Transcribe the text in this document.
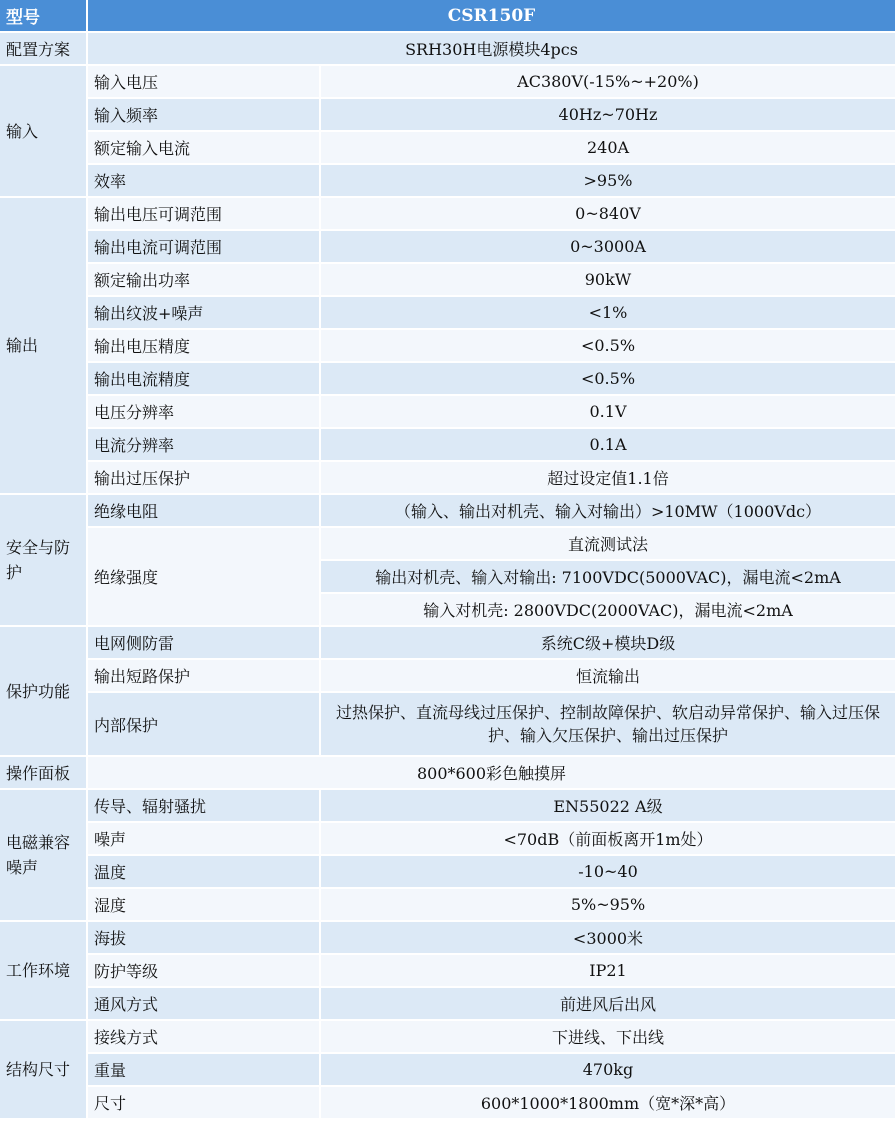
型号	CSR150F	
配置方案	SRH30H电源模块4pcs	
输入	输入电压	AC380V(-15%~+20%)
	输入频率	40Hz~70Hz
	额定输入电流	240A
	效率	>95%
输出	输出电压可调范围	0~840V
	输出电流可调范围	0~3000A
	额定输出功率	90kW
	输出纹波+噪声	<1%
	输出电压精度	<0.5%
	输出电流精度	<0.5%
	电压分辨率	0.1V
	电流分辨率	0.1A
	输出过压保护	超过设定值1.1倍
安全与防护	绝缘电阻	（输入、输出对机壳、输入对输出）>10MW（1000Vdc）
	绝缘强度	直流测试法
		输出对机壳、输入对输出: 7100VDC(5000VAC)，漏电流<2mA
		输入对机壳: 2800VDC(2000VAC)，漏电流<2mA
保护功能	电网侧防雷	系统C级+模块D级
	输出短路保护	恒流输出
	内部保护	过热保护、直流母线过压保护、控制故障保护、软启动异常保护、输入过压保护、输入欠压保护、输出过压保护
操作面板	800*600彩色触摸屏	
电磁兼容噪声	传导、辐射骚扰	EN55022 A级
	噪声	<70dB（前面板离开1m处）
	温度	-10~40
	湿度	5%~95%
工作环境	海拔	<3000米
	防护等级	IP21
	通风方式	前进风后出风
结构尺寸	接线方式	下进线、下出线
	重量	470kg
	尺寸	600*1000*1800mm（宽*深*高）
